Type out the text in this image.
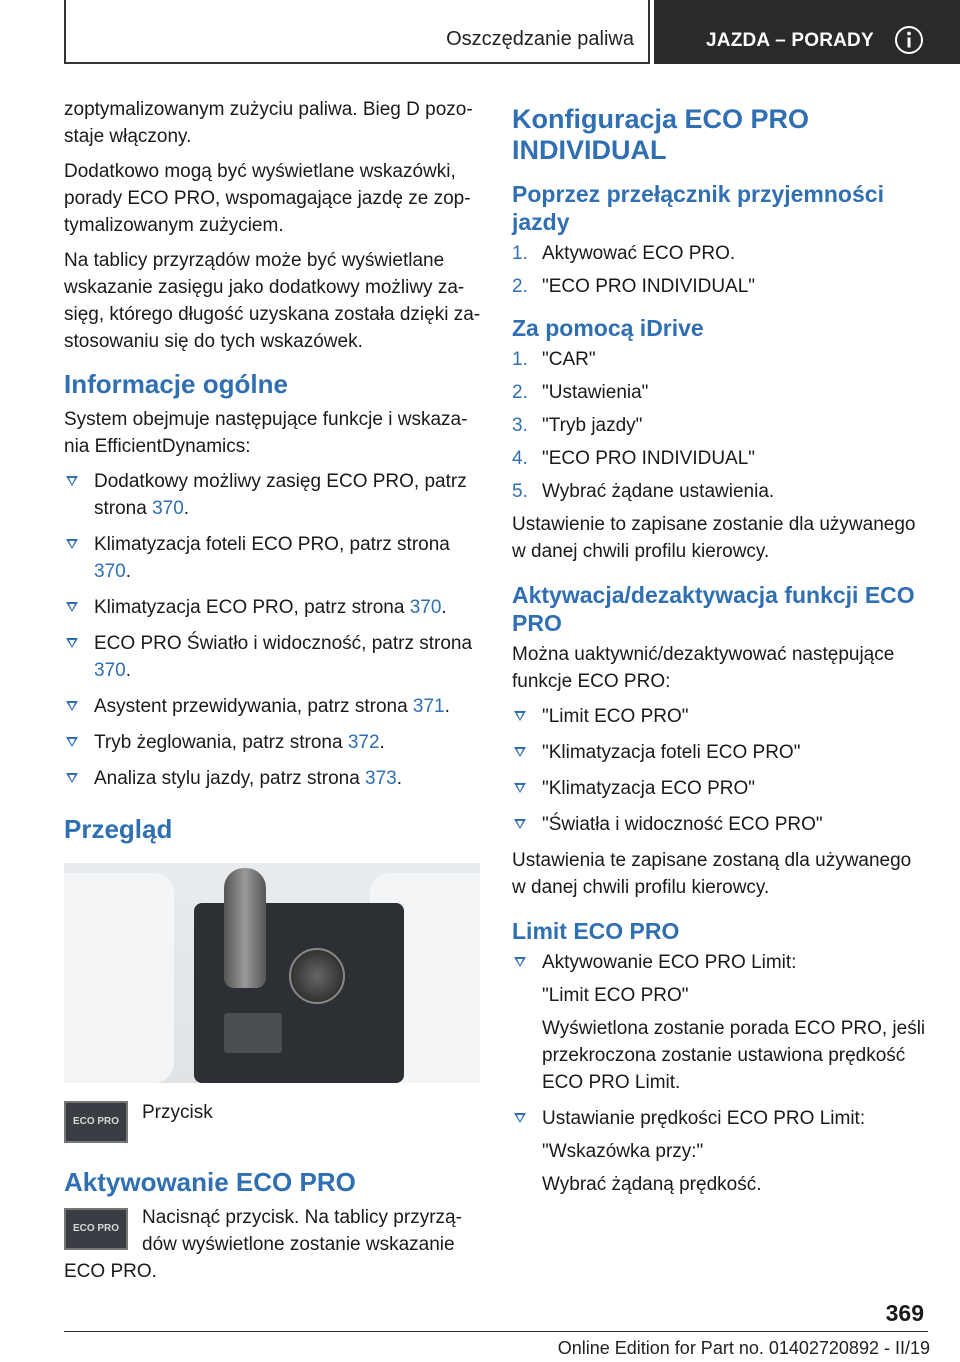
Oszczędzanie paliwa	JAZDA – PORADY

zoptymalizowanym zużyciu paliwa. Bieg D pozostaje włączony.

Dodatkowo mogą być wyświetlane wskazówki, porady ECO PRO, wspomagające jazdę ze zoptymalizowanym zużyciem.

Na tablicy przyrządów może być wyświetlane wskazanie zasięgu jako dodatkowy możliwy zasięg, którego długość uzyskana została dzięki zastosowaniu się do tych wskazówek.

Informacje ogólne

System obejmuje następujące funkcje i wskazania EfficientDynamics:

Dodatkowy możliwy zasięg ECO PRO, patrz strona 370.
Klimatyzacja foteli ECO PRO, patrz strona 370.
Klimatyzacja ECO PRO, patrz strona 370.
ECO PRO Światło i widoczność, patrz strona 370.
Asystent przewidywania, patrz strona 371.
Tryb żeglowania, patrz strona 372.
Analiza stylu jazdy, patrz strona 373.
Przegląd
ECO PRO	Przycisk

Aktywowanie ECO PRO
ECO PRO

Nacisnąć przycisk. Na tablicy przyrządów wyświetlone zostanie wskazanie
ECO PRO.

Konfiguracja ECO PRO INDIVIDUAL
Poprzez przełącznik przyjemności jazdy
1. Aktywować ECO PRO.
2. "ECO PRO INDIVIDUAL"
Za pomocą iDrive
1. "CAR"
2. "Ustawienia"
3. "Tryb jazdy"
4. "ECO PRO INDIVIDUAL"
5. Wybrać żądane ustawienia.

Ustawienie to zapisane zostanie dla używanego w danej chwili profilu kierowcy.

Aktywacja/dezaktywacja funkcji ECO PRO

Można uaktywnić/dezaktywować następujące funkcje ECO PRO:

"Limit ECO PRO"
"Klimatyzacja foteli ECO PRO"
"Klimatyzacja ECO PRO"
"Światła i widoczność ECO PRO"

Ustawienia te zapisane zostaną dla używanego w danej chwili profilu kierowcy.

Limit ECO PRO
Aktywowanie ECO PRO Limit:
"Limit ECO PRO"
Wyświetlona zostanie porada ECO PRO, jeśli przekroczona zostanie ustawiona prędkość ECO PRO Limit.
Ustawianie prędkości ECO PRO Limit:
"Wskazówka przy:"
Wybrać żądaną prędkość.
369
Online Edition for Part no. 01402720892 - II/19
